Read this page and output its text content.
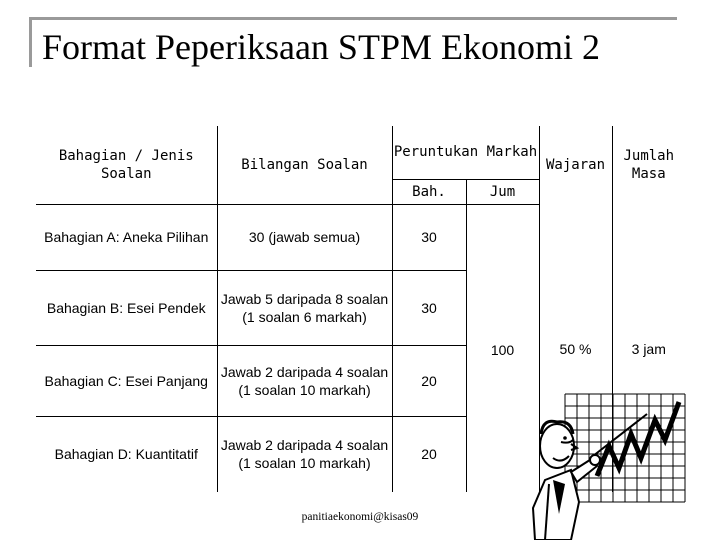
Format Peperiksaan STPM Ekonomi 2
Bahagian / Jenis Soalan	Bilangan Soalan	Peruntukan Markah		Wajaran	Jumlah Masa
		Bah.	Jum		
Bahagian A: Aneka Pilihan	30 (jawab semua)	30	100	50 %	3 jam
Bahagian B: Esei Pendek	Jawab 5 daripada 8 soalan (1 soalan 6 markah)	30			
Bahagian C: Esei Panjang	Jawab 2 daripada 4 soalan (1 soalan 10 markah)	20			
Bahagian D: Kuantitatif	Jawab 2 daripada 4 soalan (1 soalan 10 markah)	20			
panitiaekonomi@kisas09
